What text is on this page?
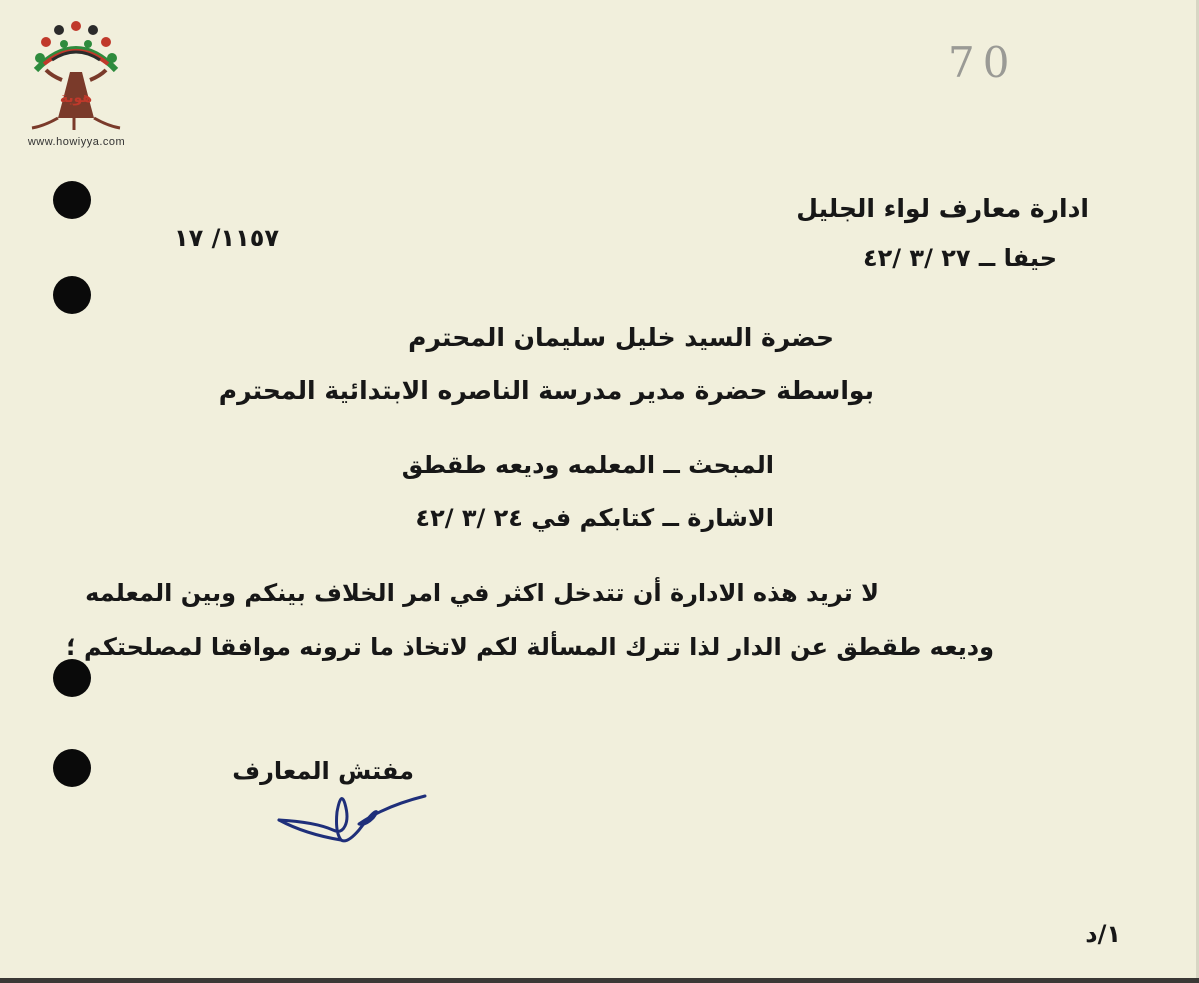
هوية
www.howiyya.com
70
ادارة معارف لواء الجليل
حيفا ــ ٢٧ /٣ /٤٢
١١٥٧/ ١٧
حضرة السيد خليل سليمان المحترم
بواسطة حضرة مدير مدرسة الناصره الابتدائية المحترم
المبحث ــ المعلمه وديعه طقطق
الاشارة ــ كتابكم في ٢٤ /٣ /٤٢
لا تريد هذه الادارة أن تتدخل اكثر في امر الخلاف بينكم وبين المعلمه
وديعه طقطق عن الدار لذا تترك المسألة لكم لاتخاذ ما ترونه موافقا لمصلحتكم ؛
مفتش المعارف
١/د
